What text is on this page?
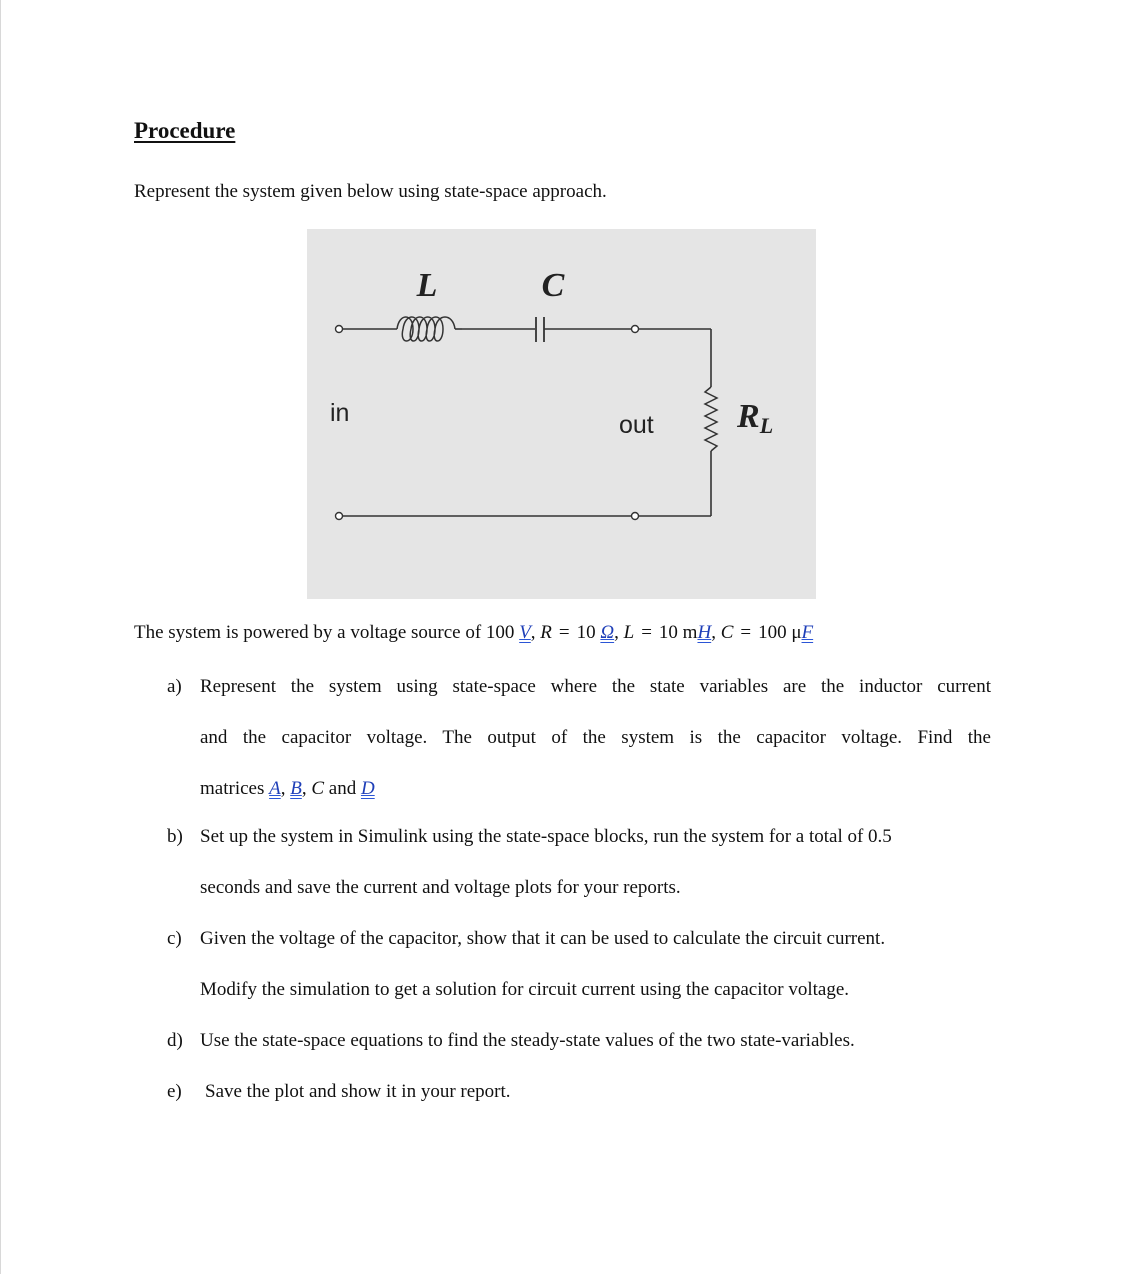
Procedure
Represent the system given below using state-space approach.
L	C
in	out RL
The system is powered by a voltage source of 100 V, R = 10 Ω, L = 10 mH, C = 100 μF
a) Represent the system using state-space where the state variables are the inductor current
and the capacitor voltage. The output of the system is the capacitor voltage. Find the
matrices A, B, C and D
b) Set up the system in Simulink using the state-space blocks, run the system for a total of 0.5
seconds and save the current and voltage plots for your reports.
c) Given the voltage of the capacitor, show that it can be used to calculate the circuit current.
Modify the simulation to get a solution for circuit current using the capacitor voltage.
d) Use the state-space equations to find the steady-state values of the two state-variables.
e) Save the plot and show it in your report.
